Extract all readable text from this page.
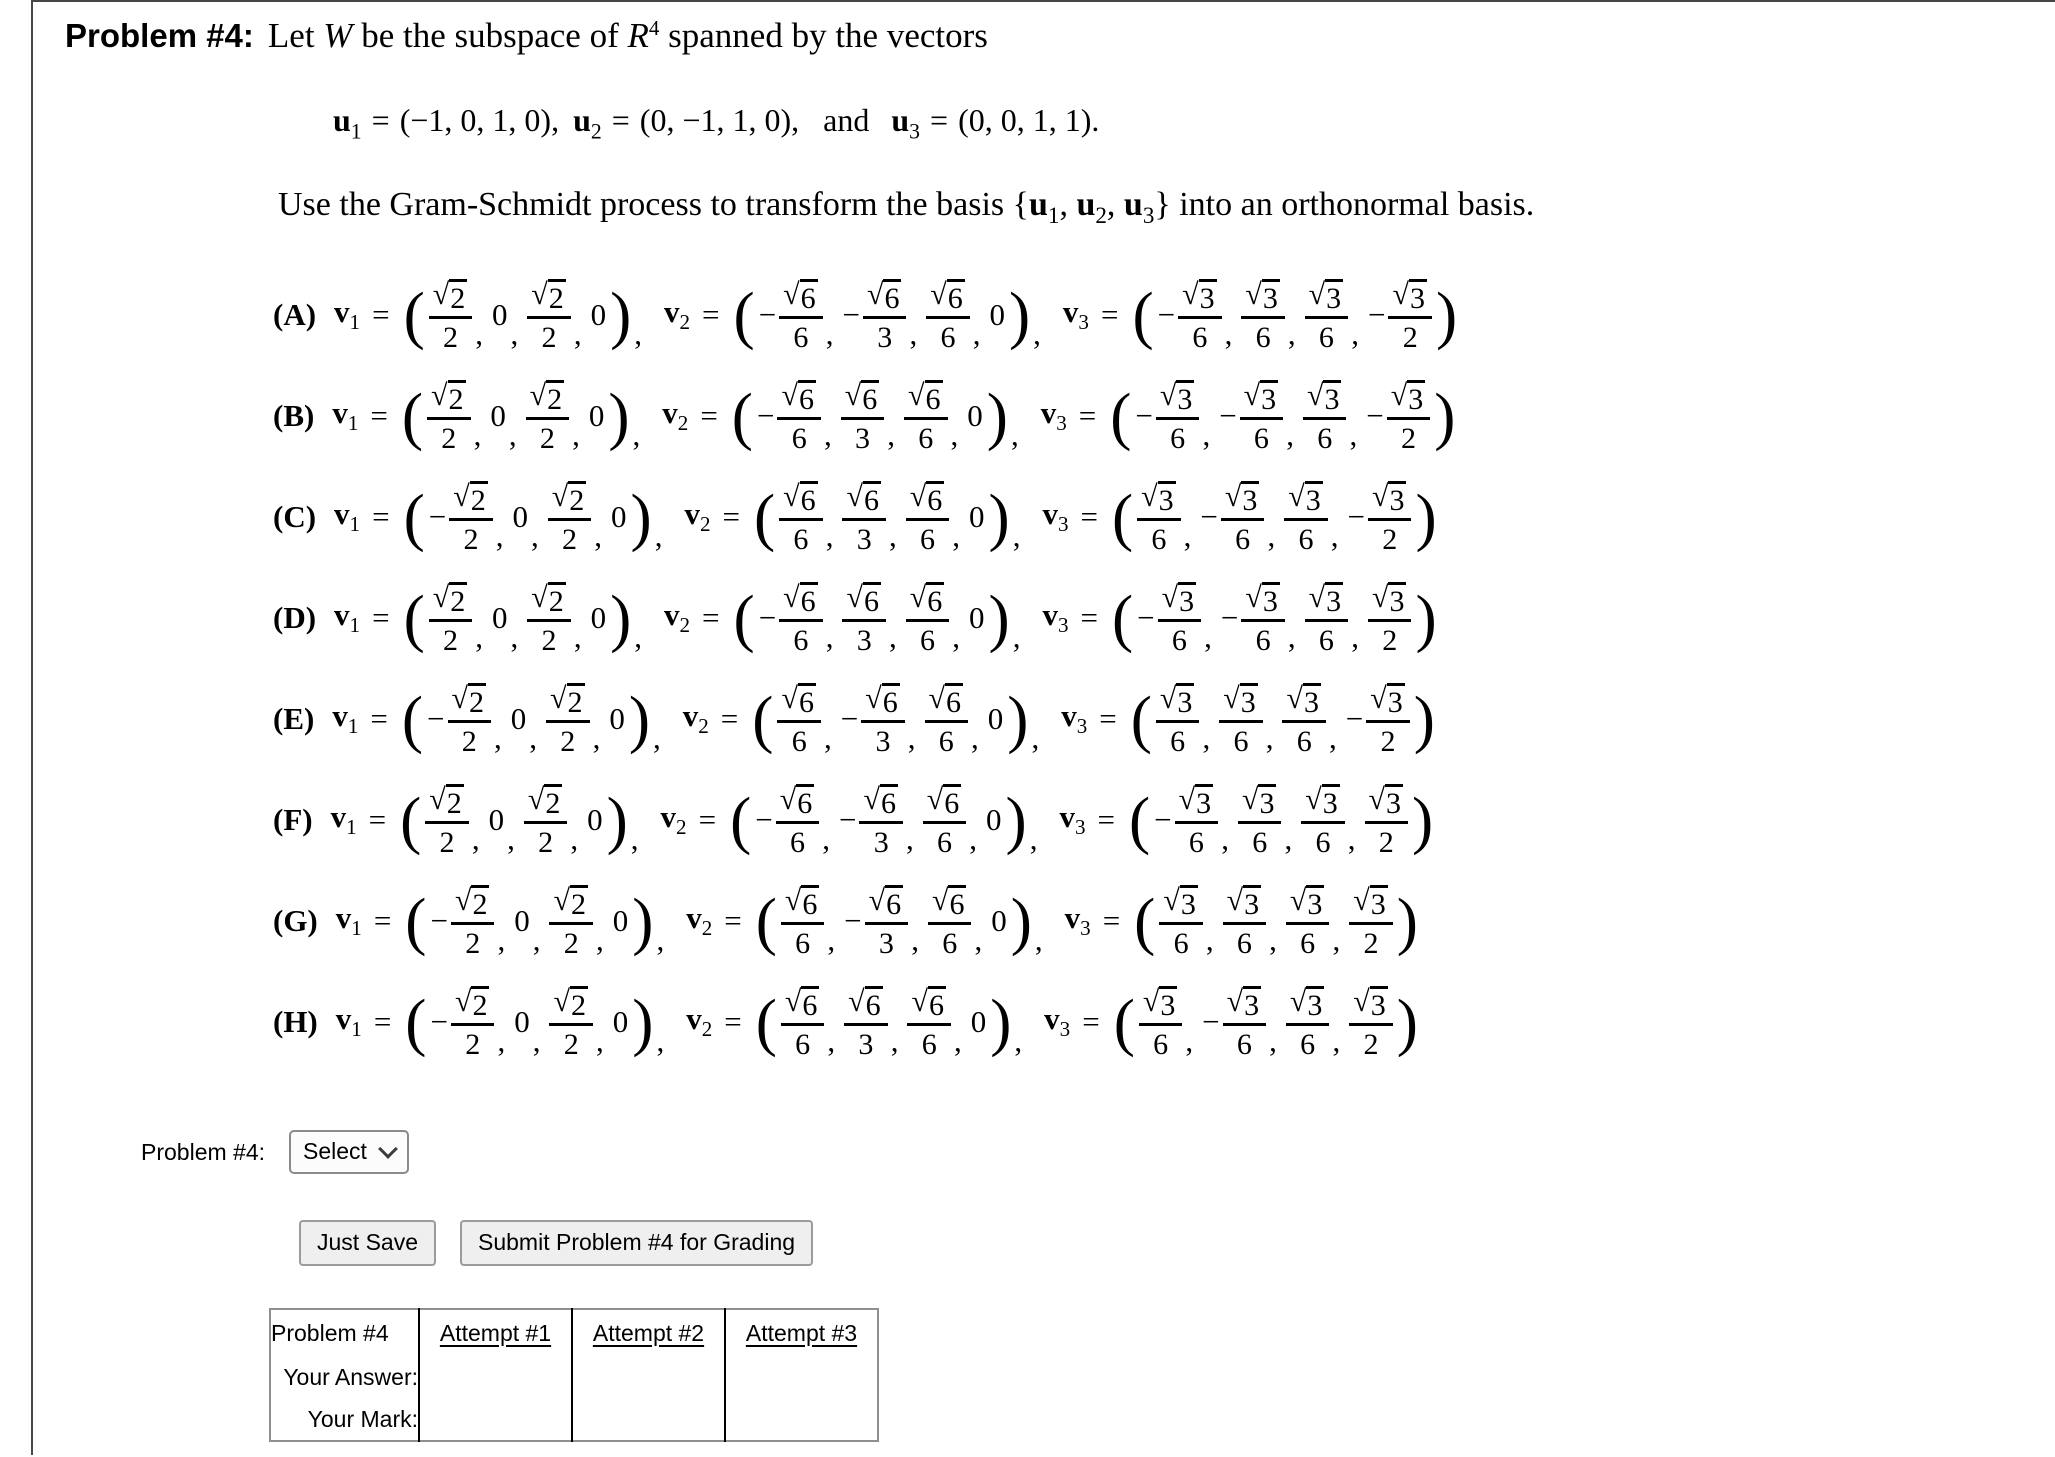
Problem #4: Let W be the subspace of $R^4$ spanned by the vectors
$u_1 = (-1$, 0, 1, 0), $u_2 = (0$, −1, 1, 0), and $u_3 = (0$, 0, 1, 1).
Use the Gram-Schmidt process to transform the basis {$u_1$, $u_2$, $u_3$} into an orthonormal basis.
(A) $v_1$ = ( $\frac{√ 2}{2}$ ,
0
, $\frac{√ 2}{2}$ ,
0 ) ,
$v_2$ = ( − $\frac{√ 6}{6}$ ,
− $\frac{√ 6}{3}$ , $\frac{√ 6}{6}$ ,
0 ) ,
$v_3$ = ( − $\frac{√ 3}{6}$ , $\frac{√ 3}{6}$ , $\frac{√ 3}{6}$ ,
− $\frac{√ 3}{2}$ )
(B) $v_1$ = ( $\frac{√ 2}{2}$ ,
0
, $\frac{√ 2}{2}$ ,
0 ) ,
$v_2$ = ( − $\frac{√ 6}{6}$ , $\frac{√ 6}{3}$ , $\frac{√ 6}{6}$ ,
0 ) ,
$v_3$ = ( − $\frac{√ 3}{6}$ ,
− $\frac{√ 3}{6}$ , $\frac{√ 3}{6}$ ,
− $\frac{√ 3}{2}$ )
(C) $v_1$ = ( − $\frac{√ 2}{2}$ ,
0
, $\frac{√ 2}{2}$ ,
0 ) ,
$v_2$ = ( $\frac{√ 6}{6}$ , $\frac{√ 6}{3}$ , $\frac{√ 6}{6}$ ,
0 ) ,
$v_3$ = ( $\frac{√ 3}{6}$ ,
− $\frac{√ 3}{6}$ , $\frac{√ 3}{6}$ ,
− $\frac{√ 3}{2}$ )
(D) $v_1$ = ( $\frac{√ 2}{2}$ ,
0
, $\frac{√ 2}{2}$ ,
0 ) ,
$v_2$ = ( − $\frac{√ 6}{6}$ , $\frac{√ 6}{3}$ , $\frac{√ 6}{6}$ ,
0 ) ,
$v_3$ = ( − $\frac{√ 3}{6}$ ,
− $\frac{√ 3}{6}$ , $\frac{√ 3}{6}$ , $\frac{√ 3}{2}$ )
(E) $v_1$ = ( − $\frac{√ 2}{2}$ ,
0
, $\frac{√ 2}{2}$ ,
0 ) ,
$v_2$ = ( $\frac{√ 6}{6}$ ,
− $\frac{√ 6}{3}$ , $\frac{√ 6}{6}$ ,
0 ) ,
$v_3$ = ( $\frac{√ 3}{6}$ , $\frac{√ 3}{6}$ , $\frac{√ 3}{6}$ ,
− $\frac{√ 3}{2}$ )
(F) $v_1$ = ( $\frac{√ 2}{2}$ ,
0
, $\frac{√ 2}{2}$ ,
0 ) ,
$v_2$ = ( − $\frac{√ 6}{6}$ ,
− $\frac{√ 6}{3}$ , $\frac{√ 6}{6}$ ,
0 ) ,
$v_3$ = ( − $\frac{√ 3}{6}$ , $\frac{√ 3}{6}$ , $\frac{√ 3}{6}$ , $\frac{√ 3}{2}$ )
(G) $v_1$ = ( − $\frac{√ 2}{2}$ ,
0
, $\frac{√ 2}{2}$ ,
0 ) ,
$v_2$ = ( $\frac{√ 6}{6}$ ,
− $\frac{√ 6}{3}$ , $\frac{√ 6}{6}$ ,
0 ) ,
$v_3$ = ( $\frac{√ 3}{6}$ , $\frac{√ 3}{6}$ , $\frac{√ 3}{6}$ , $\frac{√ 3}{2}$ )
(H) $v_1$ = ( − $\frac{√ 2}{2}$ ,
0
, $\frac{√ 2}{2}$ ,
0 ) ,
$v_2$ = ( $\frac{√ 6}{6}$ , $\frac{√ 6}{3}$ , $\frac{√ 6}{6}$ ,
0 ) ,
$v_3$ = ( $\frac{√ 3}{6}$ ,
− $\frac{√ 3}{6}$ , $\frac{√ 3}{6}$ , $\frac{√ 3}{2}$ )
Problem #4: Select
Just Save	Submit Problem #4 for Grading
Problem #4	Attempt #1	Attempt #2	Attempt #3
Your Answer:			
Your Mark:			
